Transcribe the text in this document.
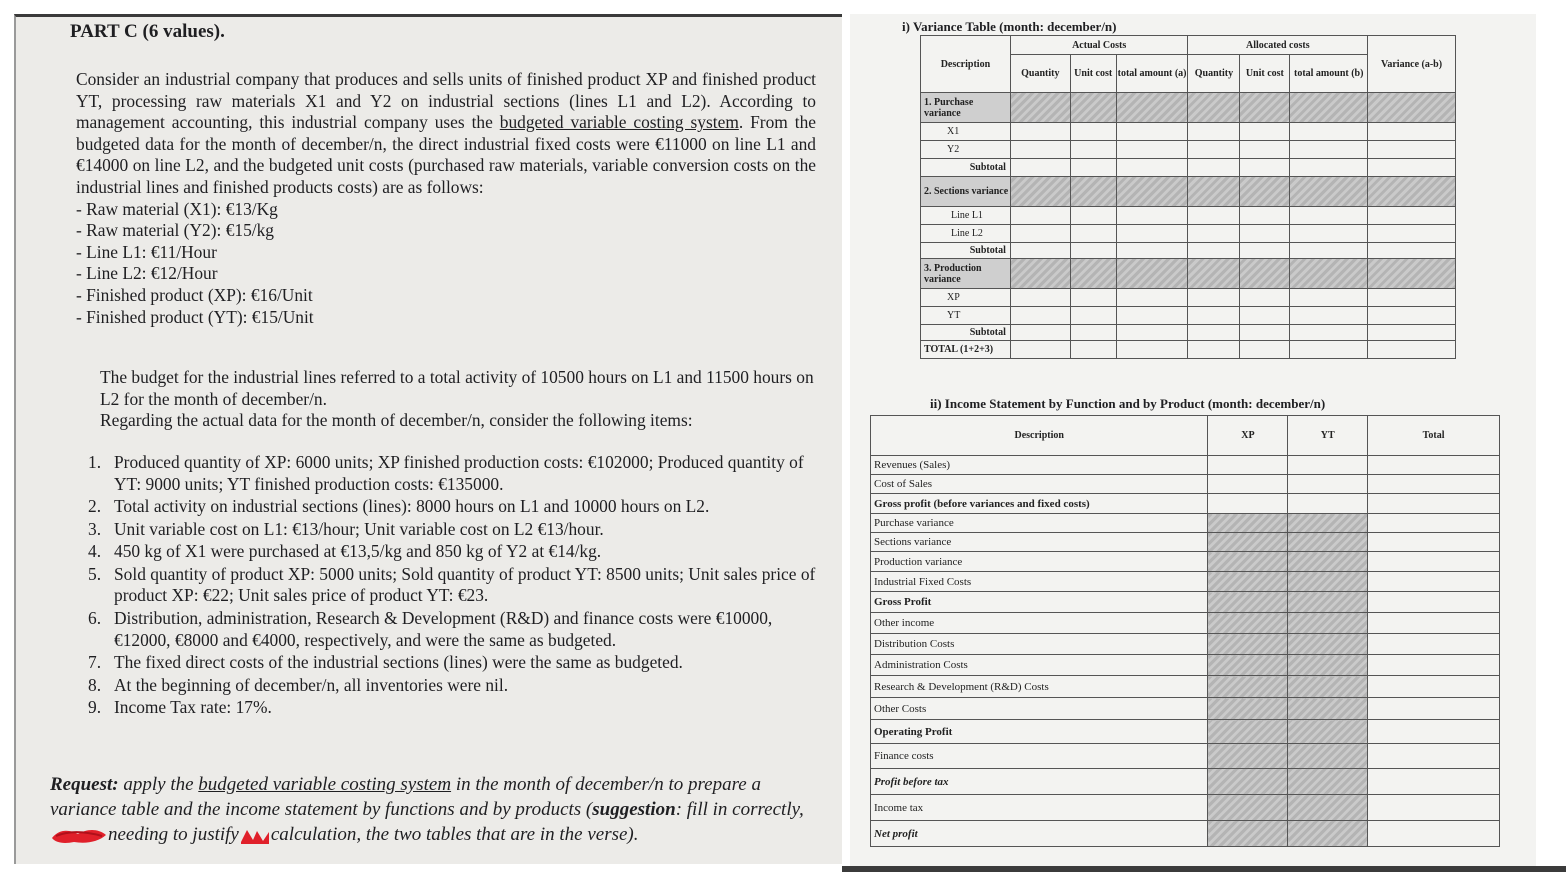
PART C (6 values).

Consider an industrial company that produces and sells units of finished product XP and finished product YT, processing raw materials X1 and Y2 on industrial sections (lines L1 and L2). According to management accounting, this industrial company uses the budgeted variable costing system. From the budgeted data for the month of december/n, the direct industrial fixed costs were €11000 on line L1 and €14000 on line L2, and the budgeted unit costs (purchased raw materials, variable conversion costs on the industrial lines and finished products costs) are as follows:

- Raw material (X1): €13/Kg
- Raw material (Y2): €15/kg
- Line L1: €11/Hour
- Line L2: €12/Hour
- Finished product (XP): €16/Unit
- Finished product (YT): €15/Unit

The budget for the industrial lines referred to a total activity of 10500 hours on L1 and 11500 hours on L2 for the month of december/n.

Regarding the actual data for the month of december/n, consider the following items:

1. Produced quantity of XP: 6000 units; XP finished production costs: €102000; Produced quantity of YT: 9000 units; YT finished production costs: €135000.
2. Total activity on industrial sections (lines): 8000 hours on L1 and 10000 hours on L2.
3. Unit variable cost on L1: €13/hour; Unit variable cost on L2 €13/hour.
4. 450 kg of X1 were purchased at €13,5/kg and 850 kg of Y2 at €14/kg.
5. Sold quantity of product XP: 5000 units; Sold quantity of product YT: 8500 units; Unit sales price of product XP: €22; Unit sales price of product YT: €23.
6. Distribution, administration, Research & Development (R&D) and finance costs were €10000, €12000, €8000 and €4000, respectively, and were the same as budgeted.
7. The fixed direct costs of the industrial sections (lines) were the same as budgeted.
8. At the beginning of december/n, all inventories were nil.
9. Income Tax rate: 17%.
Request: apply the budgeted variable costing system in the month of december/n to prepare a variance table and the income statement by functions and by products (suggestion: fill in correctly, needing to justify calculation, the two tables that are in the verse).
i) Variance Table (month: december/n)
Description	Actual Costs			Allocated costs			Variance (a-b)
	Quantity	Unit cost	total amount (a)	Quantity	Unit cost	total amount (b)	
1. Purchase variance							
X1							
Y2							
Subtotal							
2. Sections variance							
Line L1							
Line L2							
Subtotal							
3. Production variance							
XP							
YT							
Subtotal							
TOTAL (1+2+3)							
ii) Income Statement by Function and by Product (month: december/n)
Description	XP	YT	Total
Revenues (Sales)			
Cost of Sales			
Gross profit (before variances and fixed costs)			
Purchase variance			
Sections variance			
Production variance			
Industrial Fixed Costs			
Gross Profit			
Other income			
Distribution Costs			
Administration Costs			
Research & Development (R&D) Costs			
Other Costs			
Operating Profit			
Finance costs			
Profit before tax			
Income tax			
Net profit			
